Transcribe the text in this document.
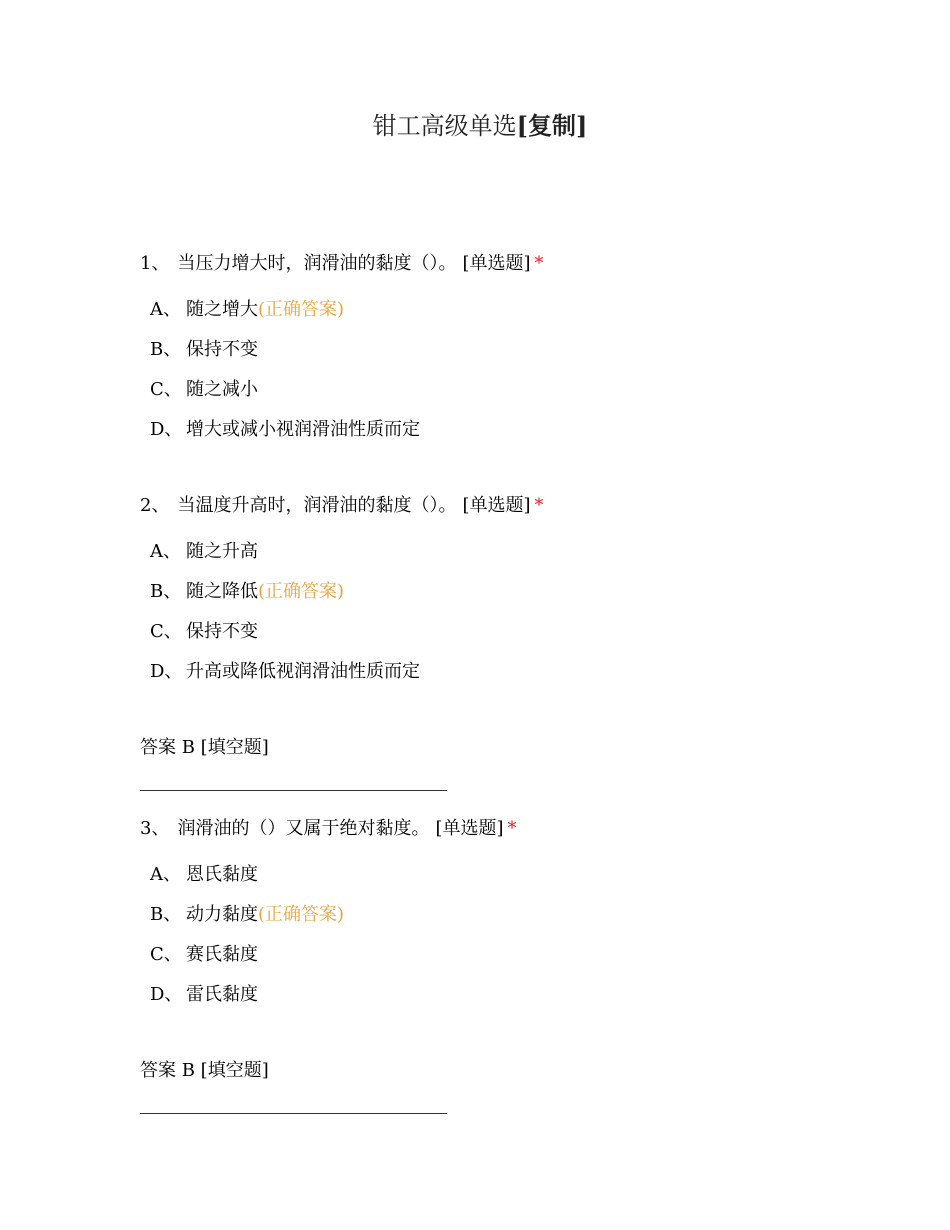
钳工高级单选[复制]
1、 当压力增大时，润滑油的黏度（）。 [单选题] *
A、 随之增大(正确答案)
B、 保持不变
C、 随之减小
D、 增大或减小视润滑油性质而定
2、 当温度升高时，润滑油的黏度（）。 [单选题] *
A、 随之升高
B、 随之降低(正确答案)
C、 保持不变
D、 升高或降低视润滑油性质而定
答案 B [填空题]
3、 润滑油的（）又属于绝对黏度。 [单选题] *
A、 恩氏黏度
B、 动力黏度(正确答案)
C、 赛氏黏度
D、 雷氏黏度
答案 B [填空题]
